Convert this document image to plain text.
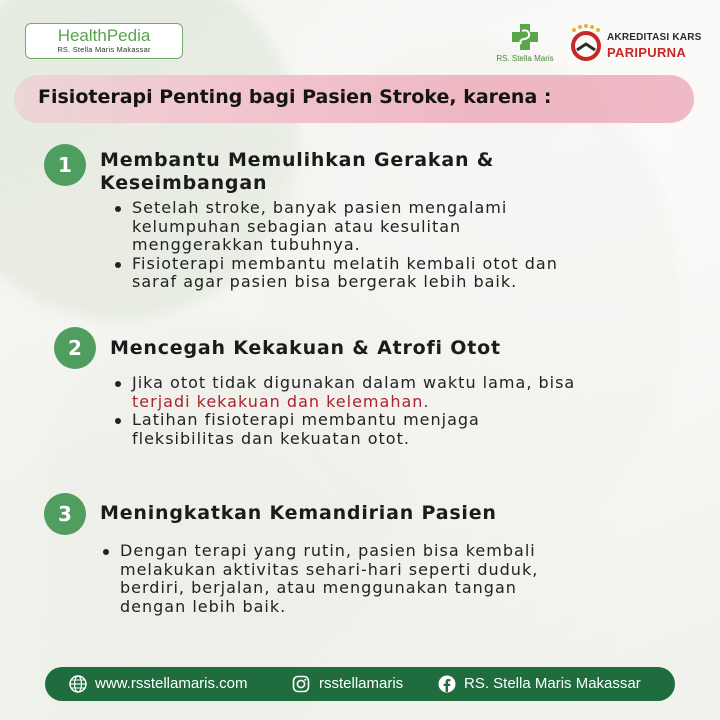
HealthPedia
RS. Stella Maris Makassar
RS. Stella Maris
AKREDITASI KARS
PARIPURNA
Fisioterapi Penting bagi Pasien Stroke, karena :
1	Membantu Memulihkan Gerakan &
Keseimbangan
Setelah stroke, banyak pasien mengalami
kelumpuhan sebagian atau kesulitan
menggerakkan tubuhnya.
Fisioterapi membantu melatih kembali otot dan
saraf agar pasien bisa bergerak lebih baik.
2	Mencegah Kekakuan & Atrofi Otot
Jika otot tidak digunakan dalam waktu lama, bisa
terjadi kekakuan dan kelemahan.
Latihan fisioterapi membantu menjaga
fleksibilitas dan kekuatan otot.
3	Meningkatkan Kemandirian Pasien
Dengan terapi yang rutin, pasien bisa kembali
melakukan aktivitas sehari-hari seperti duduk,
berdiri, berjalan, atau menggunakan tangan
dengan lebih baik.
www.rsstellamaris.com	rsstellamaris	RS. Stella Maris Makassar
